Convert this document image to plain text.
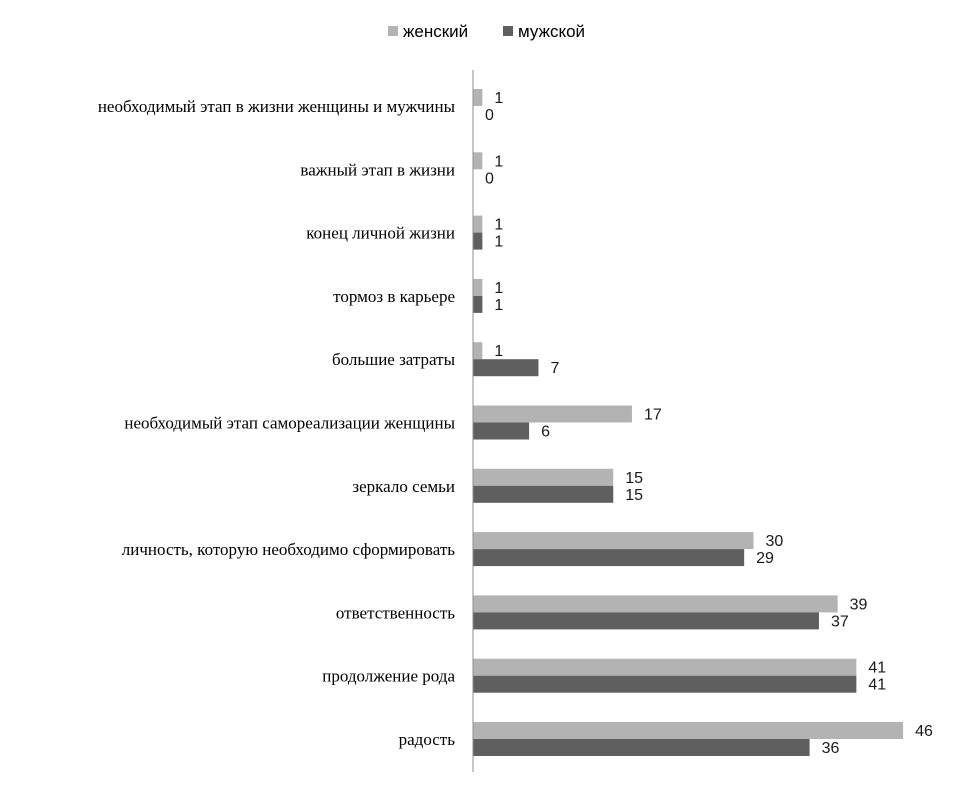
женский	мужской
необходимый этап в жизни женщины и мужчины
важный этап в жизни
конец личной жизни
тормоз в карьере
большие затраты
необходимый этап самореализации женщины
зеркало семьи
личность, которую необходимо сформировать
ответственность
продолжение рода
радость
1
0
1
0
1
1
1
1
1
7
17
6
15
15
30
29
39
37
41
41
46
36
